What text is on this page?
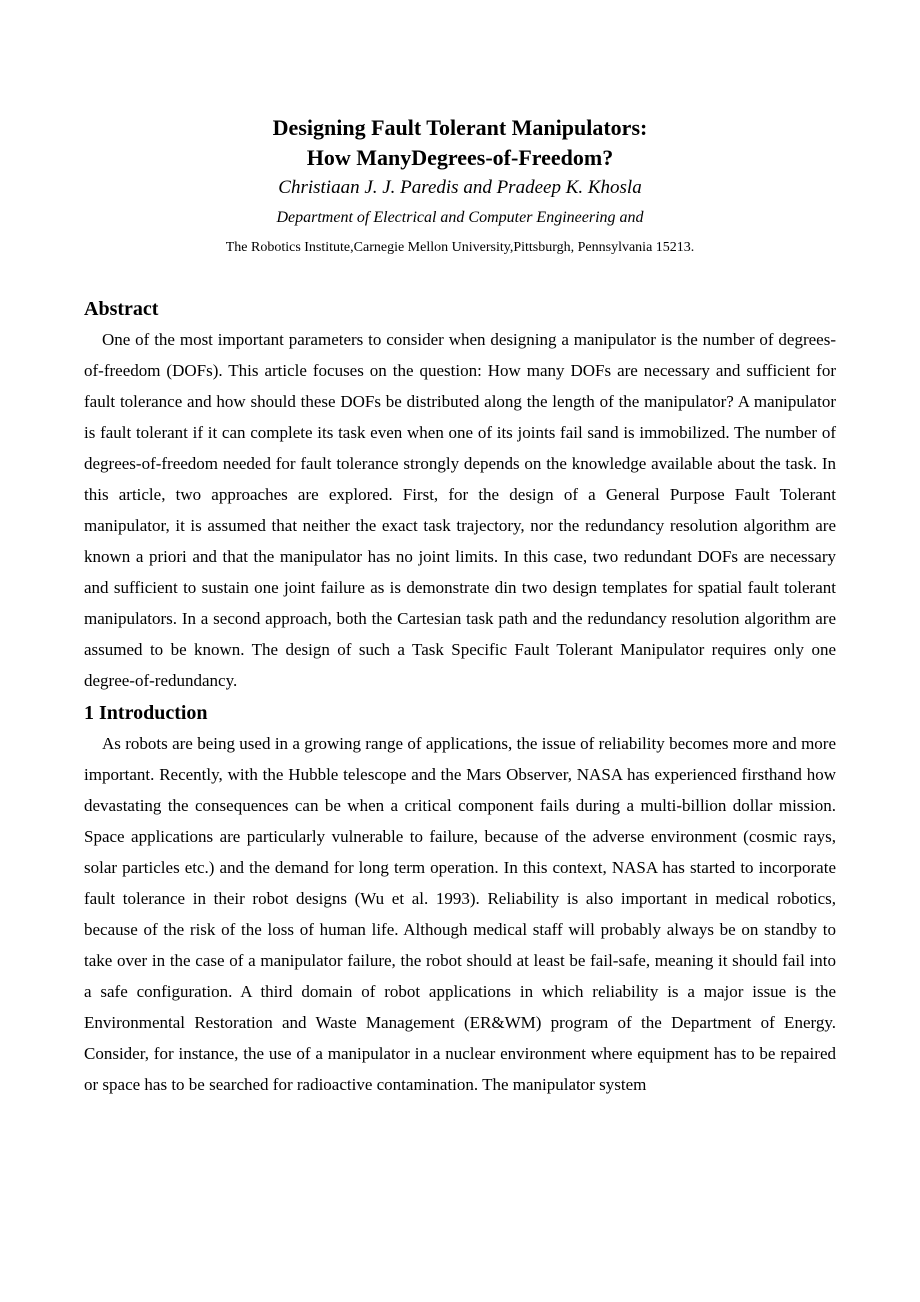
Designing Fault Tolerant Manipulators:
How ManyDegrees-of-Freedom?

Christiaan J. J. Paredis and Pradeep K. Khosla

Department of Electrical and Computer Engineering and

The Robotics Institute,Carnegie Mellon University,Pittsburgh, Pennsylvania 15213.

Abstract

One of the most important parameters to consider when designing a manipulator is the number of degrees-of-freedom (DOFs). This article focuses on the question: How many DOFs are necessary and sufficient for fault tolerance and how should these DOFs be distributed along the length of the manipulator? A manipulator is fault tolerant if it can complete its task even when one of its joints fail sand is immobilized. The number of degrees-of-freedom needed for fault tolerance strongly depends on the knowledge available about the task. In this article, two approaches are explored. First, for the design of a General Purpose Fault Tolerant manipulator, it is assumed that neither the exact task trajectory, nor the redundancy resolution algorithm are known a priori and that the manipulator has no joint limits. In this case, two redundant DOFs are necessary and sufficient to sustain one joint failure as is demonstrate din two design templates for spatial fault tolerant manipulators. In a second approach, both the Cartesian task path and the redundancy resolution algorithm are assumed to be known. The design of such a Task Specific Fault Tolerant Manipulator requires only one degree-of-redundancy.

1 Introduction

As robots are being used in a growing range of applications, the issue of reliability becomes more and more important. Recently, with the Hubble telescope and the Mars Observer, NASA has experienced firsthand how devastating the consequences can be when a critical component fails during a multi-billion dollar mission. Space applications are particularly vulnerable to failure, because of the adverse environment (cosmic rays, solar particles etc.) and the demand for long term operation. In this context, NASA has started to incorporate fault tolerance in their robot designs (Wu et al. 1993). Reliability is also important in medical robotics, because of the risk of the loss of human life. Although medical staff will probably always be on standby to take over in the case of a manipulator failure, the robot should at least be fail-safe, meaning it should fail into a safe configuration. A third domain of robot applications in which reliability is a major issue is the Environmental Restoration and Waste Management (ER&WM) program of the Department of Energy. Consider, for instance, the use of a manipulator in a nuclear environment where equipment has to be repaired or space has to be searched for radioactive contamination. The manipulator system
